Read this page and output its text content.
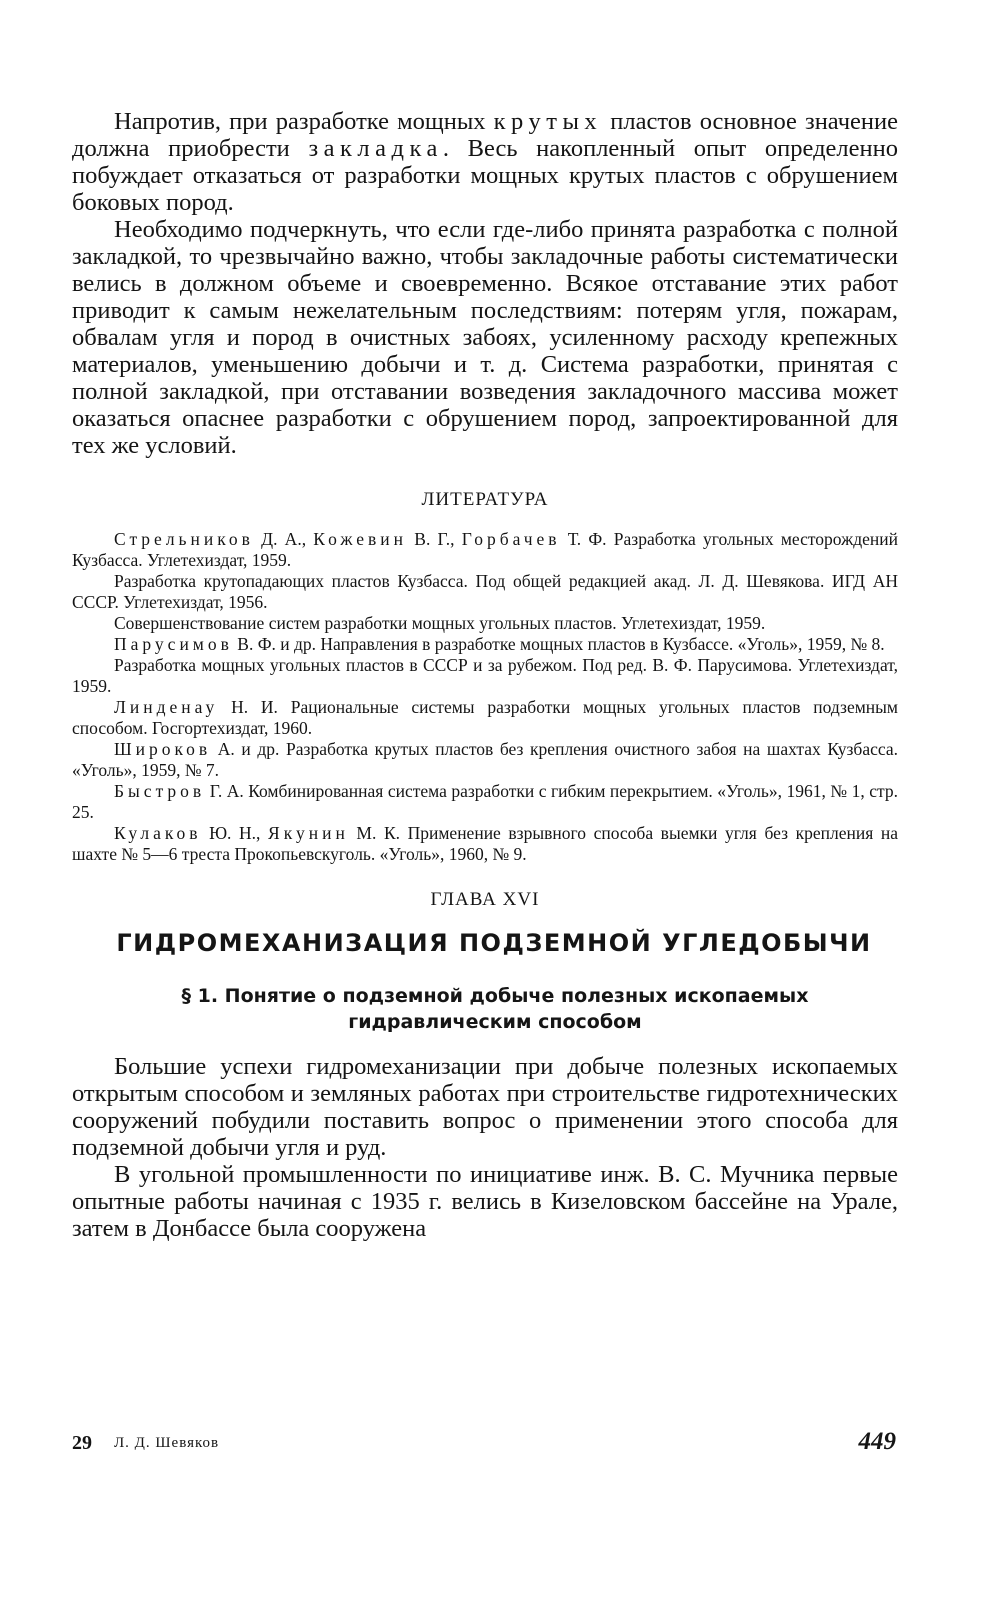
Напротив, при разработке мощных крутых пластов основное значение должна приобрести закладка. Весь накопленный опыт определенно побуждает отказаться от разработки мощных крутых пластов с обрушением боковых пород.

Необходимо подчеркнуть, что если где-либо принята разработка с полной закладкой, то чрезвычайно важно, чтобы закладочные работы систематически велись в должном объеме и своевременно. Всякое отставание этих работ приводит к самым нежелательным последствиям: потерям угля, пожарам, обвалам угля и пород в очистных забоях, усиленному расходу крепежных материалов, уменьшению добычи и т. д. Система разработки, принятая с полной закладкой, при отставании возведения закладочного массива может оказаться опаснее разработки с обрушением пород, запроектированной для тех же условий.

ЛИТЕРАТУРА

Стрельников Д. А., Кожевин В. Г., Горбачев Т. Ф. Разработка угольных месторождений Кузбасса. Углетехиздат, 1959.

Разработка крутопадающих пластов Кузбасса. Под общей редакцией акад. Л. Д. Шевякова. ИГД АН СССР. Углетехиздат, 1956.

Совершенствование систем разработки мощных угольных пластов. Углетехиздат, 1959.

Парусимов В. Ф. и др. Направления в разработке мощных пластов в Кузбассе. «Уголь», 1959, № 8.

Разработка мощных угольных пластов в СССР и за рубежом. Под ред. В. Ф. Парусимова. Углетехиздат, 1959.

Линденау Н. И. Рациональные системы разработки мощных угольных пластов подземным способом. Госгортехиздат, 1960.

Широков А. и др. Разработка крутых пластов без крепления очистного забоя на шахтах Кузбасса. «Уголь», 1959, № 7.

Быстров Г. А. Комбинированная система разработки с гибким перекрытием. «Уголь», 1961, № 1, стр. 25.

Кулаков Ю. Н., Якунин М. К. Применение взрывного способа выемки угля без крепления на шахте № 5—6 треста Прокопьевскуголь. «Уголь», 1960, № 9.

ГЛАВА XVI
ГИДРОМЕХАНИЗАЦИЯ ПОДЗЕМНОЙ УГЛЕДОБЫЧИ
§ 1. Понятие о подземной добыче полезных ископаемых
гидравлическим способом

Большие успехи гидромеханизации при добыче полезных ископаемых открытым способом и земляных работах при строительстве гидротехнических сооружений побудили поставить вопрос о применении этого способа для подземной добычи угля и руд.

В угольной промышленности по инициативе инж. В. С. Мучника первые опытные работы начиная с 1935 г. велись в Кизеловском бассейне на Урале, затем в Донбассе была сооружена

29 Л. Д. Шевяков	449
